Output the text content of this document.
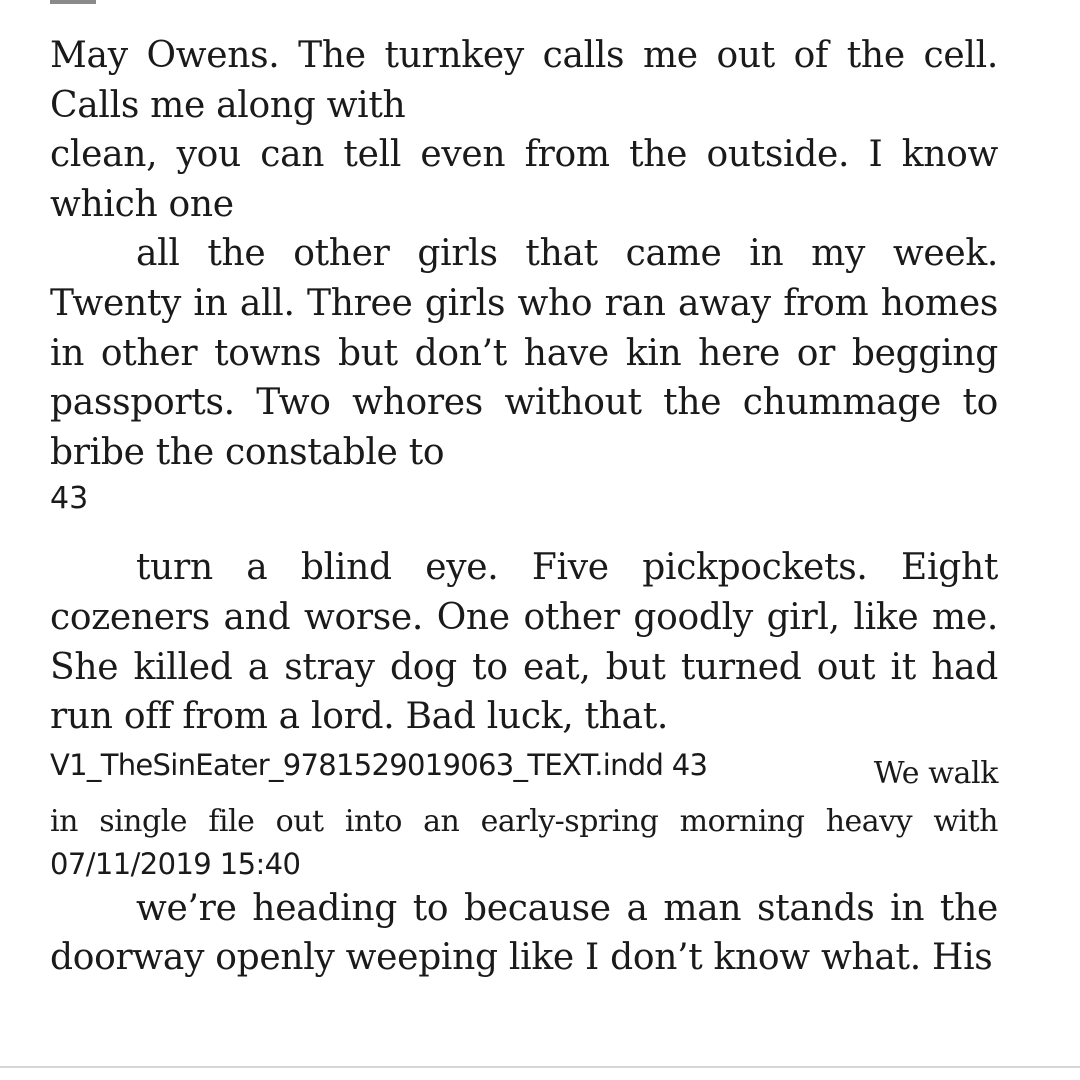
May Owens. The turnkey calls me out of the cell.

Calls me along with

clean, you can tell even from the outside. I know

which one

all the other girls that came in my week. Twenty in all. Three girls who ran away from homes in other towns but don’t have kin here or begging passports. Two whores without the chummage to bribe the constable to

43

turn a blind eye. Five pickpockets. Eight cozeners and worse. One other goodly girl, like me. She killed a stray dog to eat, but turned out it had run off from a lord. Bad luck, that.

V1_TheSinEater_9781529019063_TEXT.indd 43	We walk

in single file out into an early-spring morning heavy with

07/11/2019 15:40

we’re heading to because a man stands in the doorway openly weeping like I don’t know what. His
